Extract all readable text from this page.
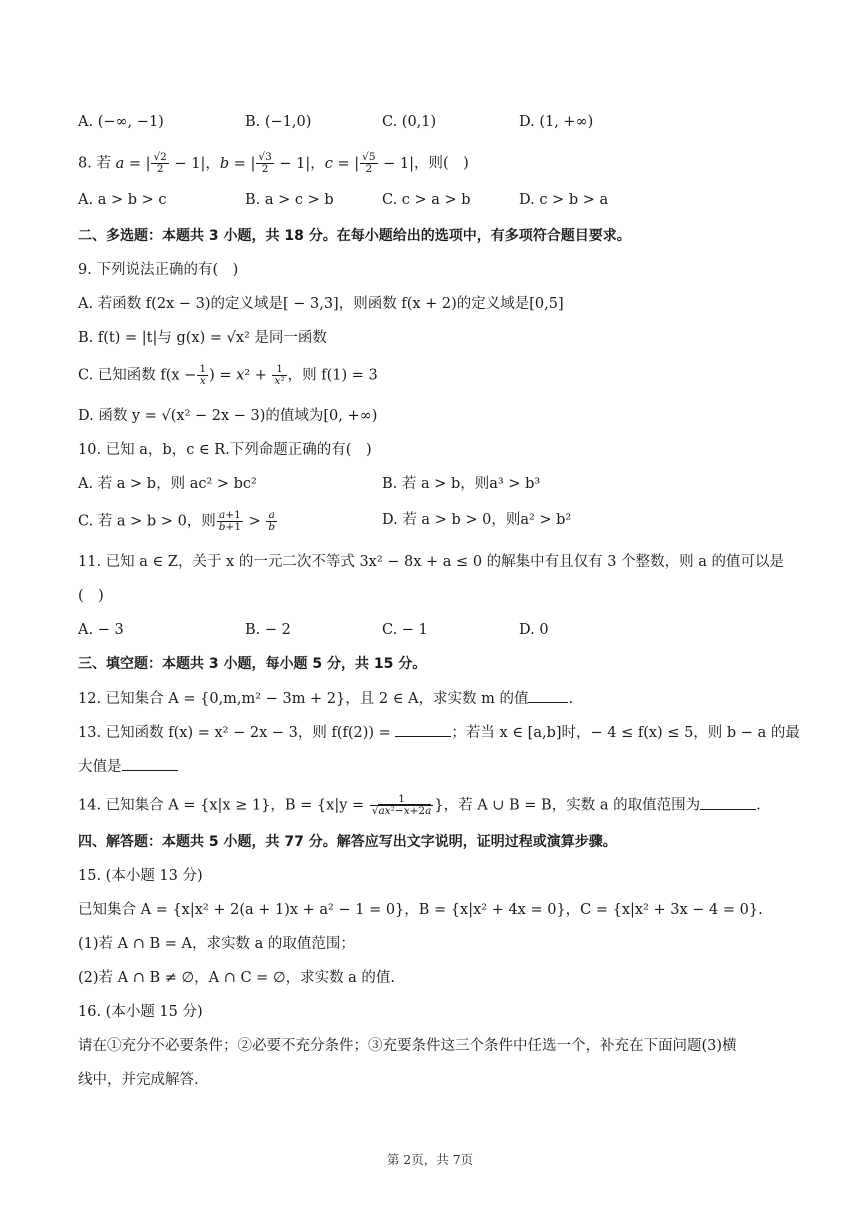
A. (−∞, −1)	B. (−1,0)	C. (0,1)	D. (1, +∞)
8. 若 a = | $\frac{√2}{2} - 1|$，b = | $\frac{√3}{2} - 1|$，c = | $\frac{√5}{2} - 1|$，则(　)
A. a > b > c	B. a > c > b	C. c > a > b	D. c > b > a
二、多选题：本题共 3 小题，共 18 分。在每小题给出的选项中，有多项符合题目要求。
9. 下列说法正确的有(　)
A. 若函数 f(2x − 3)的定义域是[ − 3,3]，则函数 f(x + 2)的定义域是[0,5]
B. f(t) = |t|与 g(x) = √x² 是同一函数
C. 已知函数 $f(x - \frac{1}{x}$ ) = $x^2 + \frac{1}{\text{x²}}$ ，则 f(1) = 3
D. 函数 y = √(x² − 2x − 3)的值域为[0, +∞)
10. 已知 a，b，c ∈ R.下列命题正确的有(　)
A. 若 a > b，则 ac² > bc²	B. 若 a > b，则a³ > b³
C. 若 a > b > 0，则 $\frac{a+1}{b+1} > \frac{a}{b}$	D. 若 a > b > 0，则a² > b²
11. 已知 a ∈ Z，关于 x 的一元二次不等式 3x² − 8x + a ≤ 0 的解集中有且仅有 3 个整数，则 a 的值可以是
(　)
A. − 3	B. − 2	C. − 1	D. 0
三、填空题：本题共 3 小题，每小题 5 分，共 15 分。
12. 已知集合 A = {0,m,m² − 3m + 2}，且 2 ∈ A，求实数 m 的值	.
13. 已知函数 f(x) = x² − 2x − 3，则 f(f(2)) =	；若当 x ∈ [a,b]时，− 4 ≤ f(x) ≤ 5，则 b − a 的最
大值是
14. 已知集合 A = {x|x ≥ 1}，$B = \{x|y = \frac{1}{\text{√ax²−x+2a}}$ }，若 A ∪ B = B，实数 a 的取值范围为	.
四、解答题：本题共 5 小题，共 77 分。解答应写出文字说明，证明过程或演算步骤。
15. (本小题 13 分)
已知集合 A = {x|x² + 2(a + 1)x + a² − 1 = 0}，B = {x|x² + 4x = 0}，C = {x|x² + 3x − 4 = 0}.
(1)若 A ∩ B = A，求实数 a 的取值范围；
(2)若 A ∩ B ≠ ∅，A ∩ C = ∅，求实数 a 的值.
16. (本小题 15 分)
请在①充分不必要条件；②必要不充分条件；③充要条件这三个条件中任选一个，补充在下面问题(3)横
线中，并完成解答.
第 2页，共 7页
